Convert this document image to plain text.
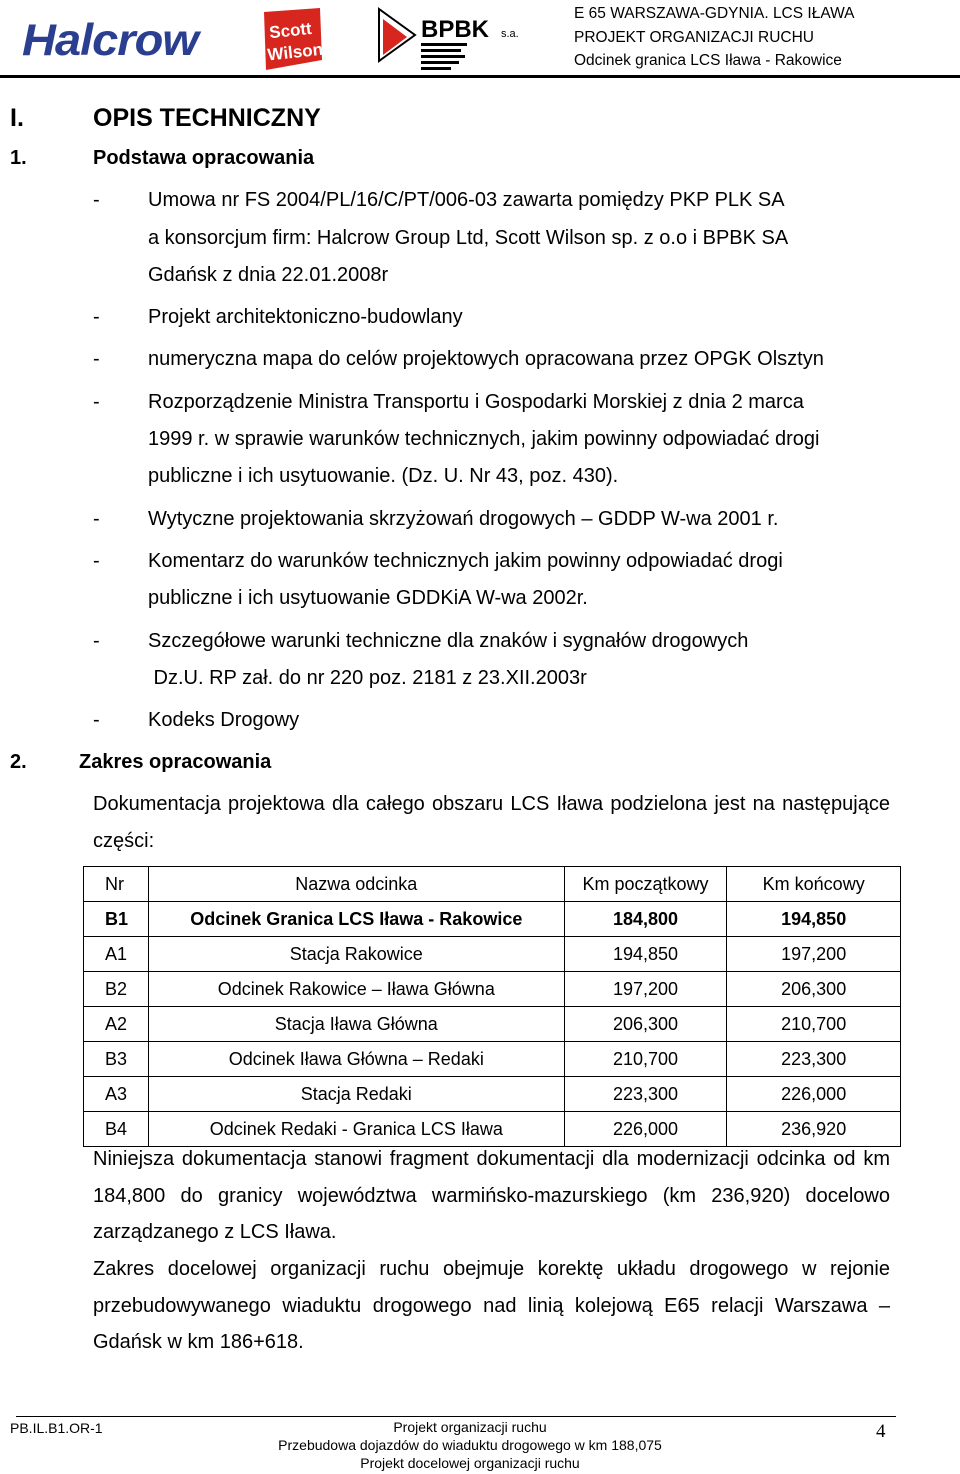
Halcrow	Scott
Wilson
BPBK s.a.
E 65 WARSZAWA-GDYNIA. LCS IŁAWA
PROJEKT ORGANIZACJI RUCHU
Odcinek granica LCS Iława - Rakowice
I.	OPIS TECHNICZNY
1.	Podstawa opracowania
- Umowa nr FS 2004/PL/16/C/PT/006-03 zawarta pomiędzy PKP PLK SA
a konsorcjum firm: Halcrow Group Ltd, Scott Wilson sp. z o.o i BPBK SA
Gdańsk z dnia 22.01.2008r
- Projekt architektoniczno-budowlany
- numeryczna mapa do celów projektowych opracowana przez OPGK Olsztyn
- Rozporządzenie Ministra Transportu i Gospodarki Morskiej z dnia 2 marca
1999 r. w sprawie warunków technicznych, jakim powinny odpowiadać drogi
publiczne i ich usytuowanie. (Dz. U. Nr 43, poz. 430).
- Wytyczne projektowania skrzyżowań drogowych – GDDP W-wa 2001 r.
- Komentarz do warunków technicznych jakim powinny odpowiadać drogi
publiczne i ich usytuowanie GDDKiA W-wa 2002r.
- Szczegółowe warunki techniczne dla znaków i sygnałów drogowych
Dz.U. RP zał. do nr 220 poz. 2181 z 23.XII.2003r
- Kodeks Drogowy
2.	Zakres opracowania
Dokumentacja projektowa dla całego obszaru LCS Iława podzielona jest na następujące części:
Nr	Nazwa odcinka	Km początkowy	Km końcowy
B1	Odcinek Granica LCS Iława - Rakowice	184,800	194,850
A1	Stacja Rakowice	194,850	197,200
B2	Odcinek Rakowice – Iława Główna	197,200	206,300
A2	Stacja Iława Główna	206,300	210,700
B3	Odcinek Iława Główna – Redaki	210,700	223,300
A3	Stacja Redaki	223,300	226,000
B4	Odcinek Redaki - Granica LCS Iława	226,000	236,920
Niniejsza dokumentacja stanowi fragment dokumentacji dla modernizacji odcinka od km 184,800 do granicy województwa warmińsko-mazurskiego (km 236,920) docelowo zarządzanego z LCS Iława.
Zakres docelowej organizacji ruchu obejmuje korektę układu drogowego w rejonie przebudowywanego wiaduktu drogowego nad linią kolejową E65 relacji Warszawa – Gdańsk w km 186+618.
PB.IL.B1.OR-1	Projekt organizacji ruchu
Przebudowa dojazdów do wiaduktu drogowego w km 188,075
Projekt docelowej organizacji ruchu
4
